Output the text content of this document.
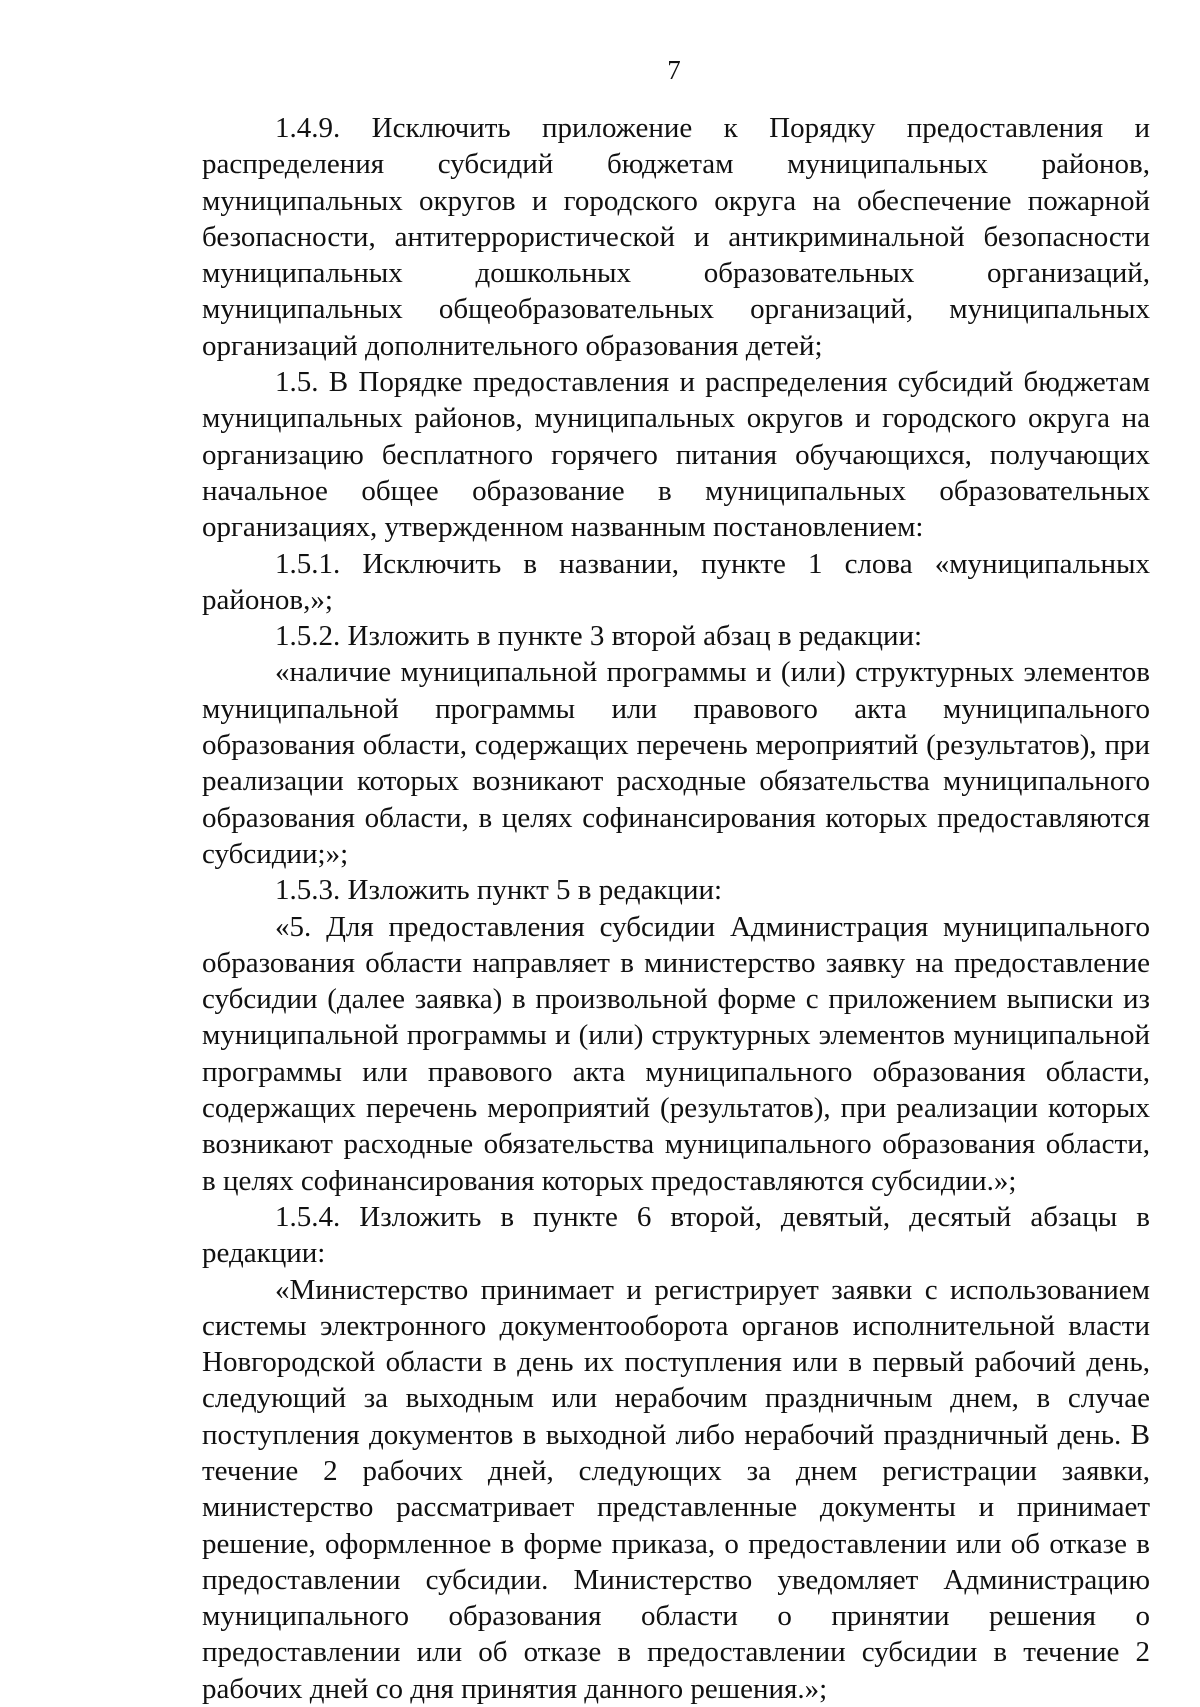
7

1.4.9. Исключить приложение к Порядку предоставления и распределения субсидий бюджетам муниципальных районов, муниципальных округов и городского округа на обеспечение пожарной безопасности, антитеррористической и антикриминальной безопасности муниципальных дошкольных образовательных организаций, муниципальных общеобразовательных организаций, муниципальных организаций дополнительного образования детей;

1.5. В Порядке предоставления и распределения субсидий бюджетам муниципальных районов, муниципальных округов и городского округа на организацию бесплатного горячего питания обучающихся, получающих начальное общее образование в муниципальных образовательных организациях, утвержденном названным постановлением:

1.5.1. Исключить в названии, пункте 1 слова «муниципальных районов,»;

1.5.2. Изложить в пункте 3 второй абзац в редакции:

«наличие муниципальной программы и (или) структурных элементов муниципальной программы или правового акта муниципального образования области, содержащих перечень мероприятий (результатов), при реализации которых возникают расходные обязательства муниципального образования области, в целях софинансирования которых предоставляются субсидии;»;

1.5.3. Изложить пункт 5 в редакции:

«5. Для предоставления субсидии Администрация муниципального образования области направляет в министерство заявку на предоставление субсидии (далее заявка) в произвольной форме с приложением выписки из муниципальной программы и (или) структурных элементов муниципальной программы или правового акта муниципального образования области, содержащих перечень мероприятий (результатов), при реализации которых возникают расходные обязательства муниципального образования области, в целях софинансирования которых предоставляются субсидии.»;

1.5.4. Изложить в пункте 6 второй, девятый, десятый абзацы в редакции:

«Министерство принимает и регистрирует заявки с использованием системы электронного документооборота органов исполнительной власти Новгородской области в день их поступления или в первый рабочий день, следующий за выходным или нерабочим праздничным днем, в случае поступления документов в выходной либо нерабочий праздничный день. В течение 2 рабочих дней, следующих за днем регистрации заявки, министерство рассматривает представленные документы и принимает решение, оформленное в форме приказа, о предоставлении или об отказе в предоставлении субсидии. Министерство уведомляет Администрацию муниципального образования области о принятии решения о предоставлении или об отказе в предоставлении субсидии в течение 2 рабочих дней со дня принятия данного решения.»;
